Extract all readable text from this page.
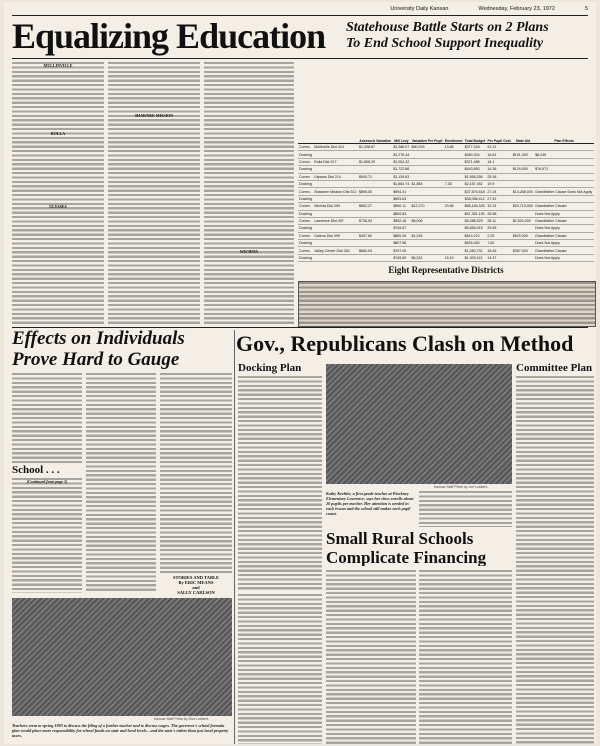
University Daily Kansan	Wednesday, February 23, 1972	5
Equalizing Education	Statehouse Battle Starts on 2 Plans
To End School Support Inequality
MULLINVILLE
ROLLA
ULYSSES
SHAWNEE MISSION
WICHITA
		Assessed Valuation	Mill Levy	Valuation Per Pupil	Enrollment	Total Budget	Per Pupil Cost	State Aid	Plan Effects
Comm.	Mullinville Dist 424	$1,308,67	$1,386.07	$90,093	13.86	$377,426	91.31		
Docking			$1,278.44			$460,334	16.81	$101,000	$8,245
Comm.	Rolla Dist 217	$1,808,29	$1,054.32			$371,485	16.1		
Docking			$1,722.86			$443,893	14.36	$129,000	$76,571
Comm.	Ulysses Dist 214	$940,71	$1,139.63			$1,958,256	25.18		
Docking			$1,684.74	$1,884	7.38	$2,187,452	19.9		
Comm.	Shawnee Mission Dist 512	$896,05	$994.31			$37,876,618	27.24	$14,268,000	Grandfather Clause Does Not Apply
Docking			$993.64			$38,056,412	27.92		
Comm.	Wichita Dist 259	$662,27	$960.11	$12,270	20.86	$65,184,339	32.24	$20,710,000	Grandfather Clause
Docking			$869.83			$67,351,190	26.98		Does Not Apply
Comm.	Lawrence Dist 497	$736,53	$952.16	$8,006		$8,288,929	28.11	$2,520,000	Grandfather Clause
Docking			$745.67			$6,658,015	29.85		Does Not Apply
Comm.	Galena Dist 499	$497,60	$889.26	$1,294		$614,210	2.25	$520,000	Grandfather Clause
Docking			$807.56			$625,450	7.82		Does Not Apply
Comm.	Valley Center Dist 262	$660,04	$797.05			$1,280,731	16.45	$387,000	Grandfather Clause
Docking			$745.65	$6,331	15.10	$1,309,113	14.37		Does Not Apply
Eight Representative Districts
Effects on Individuals
Prove Hard to Gauge
School . . .
(Continued from page 1)
STORIES AND TABLE
By ERIC MEANS
and
SALLY CARLSON
Kansan Staff Photo by Dick Lubbers
Teachers seem to spring 1983 to discuss the filing of a further teacher and to discuss wages. The governor's school formula plan would place more responsibility for school funds on state and local levels—and the state's rather than just local property taxes.
Gov., Republicans Clash on Method
Docking Plan
Kansan Staff Photo by Joe Lubbers
Kathy Keehler, a first grade teacher at Pinckney Elementary Lawrence, says her class enrolls about 20 pupils per teacher. Her attention is needed in each lesson and the school still makes each pupil count.
Committee Plan
Small Rural Schools
Complicate Financing
